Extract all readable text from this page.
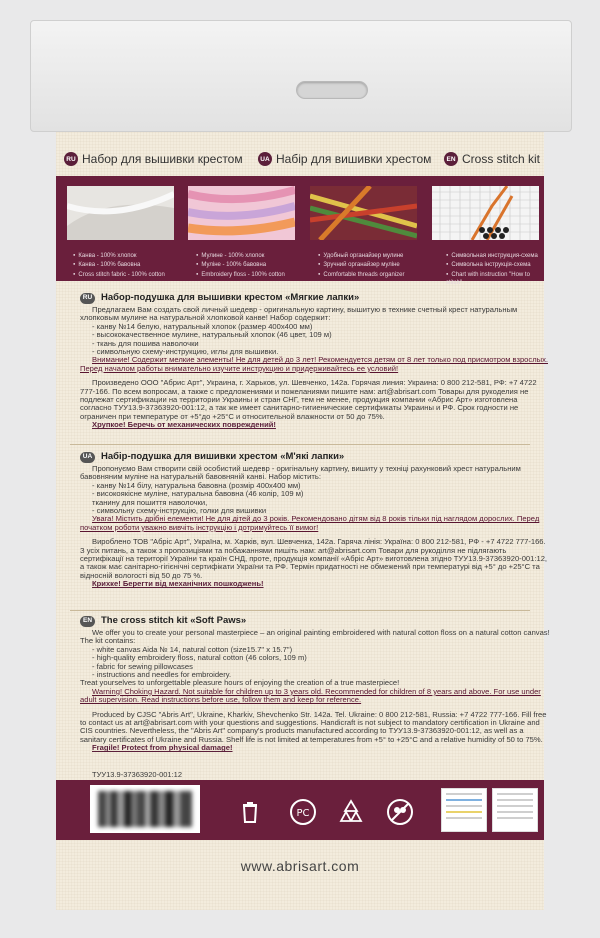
RU Набор для вышивки крестом	UA Набір для вишивки хрестом	EN Cross stitch kit
● Канва - 100% хлопок
● Канва - 100% бавовна
● Cross stitch fabric - 100% cotton
● Мулине - 100% хлопок
● Муліне - 100% бавовна
● Embroidery floss - 100% cotton
● Удобный органайзер мулине
● Зручний органайзер муліне
● Comfortable threads organizer
● Символьная инструкция-схема
● Символьна інструкція-схема
● Chart with instruction "How to stitch"
RU Набор-подушка для вышивки крестом «Мягкие лапки»

Предлагаем Вам создать свой личный шедевр - оригинальную картину, вышитую в технике счетный крест натуральным хлопковым мулине на натуральной хлопковой канве! Набор содержит:

- канву №14 белую, натуральный хлопок (размер 400х400 мм)

- высококачественное мулине, натуральный хлопок (46 цвет, 109 м)

- ткань для пошива наволочки

- символьную схему-инструкцию, иглы для вышивки.

Внимание! Содержит мелкие элементы! Не для детей до 3 лет! Рекомендуется детям от 8 лет только под присмотром взрослых. Перед началом работы внимательно изучите инструкцию и придерживайтесь ее условий!

Произведено ООО "Абрис Арт", Украина, г. Харьков, ул. Шевченко, 142а. Горячая линия: Украина: 0 800 212-581, РФ: +7 4722 777-166. По всем вопросам, а также с предложениями и пожеланиями пишите нам: art@abrisart.com Товары для рукоделия не подлежат сертификации на территории Украины и стран СНГ, тем не менее, продукция компании «Абрис Арт» изготовлена согласно ТУУ13.9-37363920-001:12, а так же имеет санитарно-гигиенические сертификаты Украины и РФ. Срок годности не ограничен при температуре от +5°до +25°С и относительной влажности от 50 до 75%.

Хрупкое! Беречь от механических повреждений!

UA Набір-подушка для вишивки хрестом «М'які лапки»

Пропонуємо Вам створити свій особистий шедевр - оригінальну картину, вишиту у техніці рахунковий хрест натуральним бавовняним муліне на натуральній бавовняній канві. Набор містить:

- канву №14 білу, натуральна бавовна (розмір 400х400 мм)

- високоякісне муліне, натуральна бавовна (46 колір, 109 м)

тканину для пошиття наволочки,

- символьну схему-інструкцію, голки для вишивки

Увага! Містить дрібні елементи! Не для дітей до 3 років. Рекомендовано дітям від 8 років тільки під наглядом дорослих. Перед початком роботи уважно вивчіть інструкцію і дотримуйтесь її вимог!

Вироблено ТОВ "Абріс Арт", Україна, м. Харків, вул. Шевченка, 142а. Гаряча лінія: Україна: 0 800 212-581, РФ - +7 4722 777-166. З усіх питань, а також з пропозиціями та побажаннями пишіть нам: art@abrisart.com Товари для рукоділля не підлягають сертифікації на території України та країн СНД, проте, продукція компанії «Абріс Арт» виготовлена згідно ТУУ13.9-37363920-001:12, а також має санітарно-гігієнічні сертифікати України та РФ. Термін придатності не обмежений при температурі від +5° до +25°С та відносній вологості від 50 до 75 %.

Крихке! Берегти від механічних пошкоджень!

EN The cross stitch kit «Soft Paws»

We offer you to create your personal masterpiece – an original painting embroidered with natural cotton floss on a natural cotton canvas! The kit contains:

- white canvas Aida № 14, natural cotton (size15.7" x 15.7")

- high-quality embroidery floss, natural cotton (46 colors, 109 m)

- fabric for sewing pillowcases

- instructions and needles for embroidery.

Treat yourselves to unforgettable pleasure hours of enjoying the creation of a true masterpiece!

Warning! Choking Hazard. Not suitable for children up to 3 years old. Recommended for children of 8 years and above. For use under adult supervision. Read instructions before use, follow them and keep for reference.

Produced by CJSC "Abris Art", Ukraine, Kharkiv, Shevchenko Str. 142a. Tel. Ukraine: 0 800 212-581, Russia: +7 4722 777-166. Fill free to contact us at art@abrisart.com with your questions and suggestions. Handicraft is not subject to mandatory certification in Ukraine and CIS countries. Nevertheless, the "Abris Art" company's products manufactured according to ТУУ13.9-37363920-001:12, as well as a sanitary certificates of Ukraine and Russia. Shelf life is not limited at temperatures from +5° to +25°C and a relative humidity of 50 to 75%.

Fragile! Protect from physical damage!

ТУУ13.9-37363920-001:12
PC
www.abrisart.com
